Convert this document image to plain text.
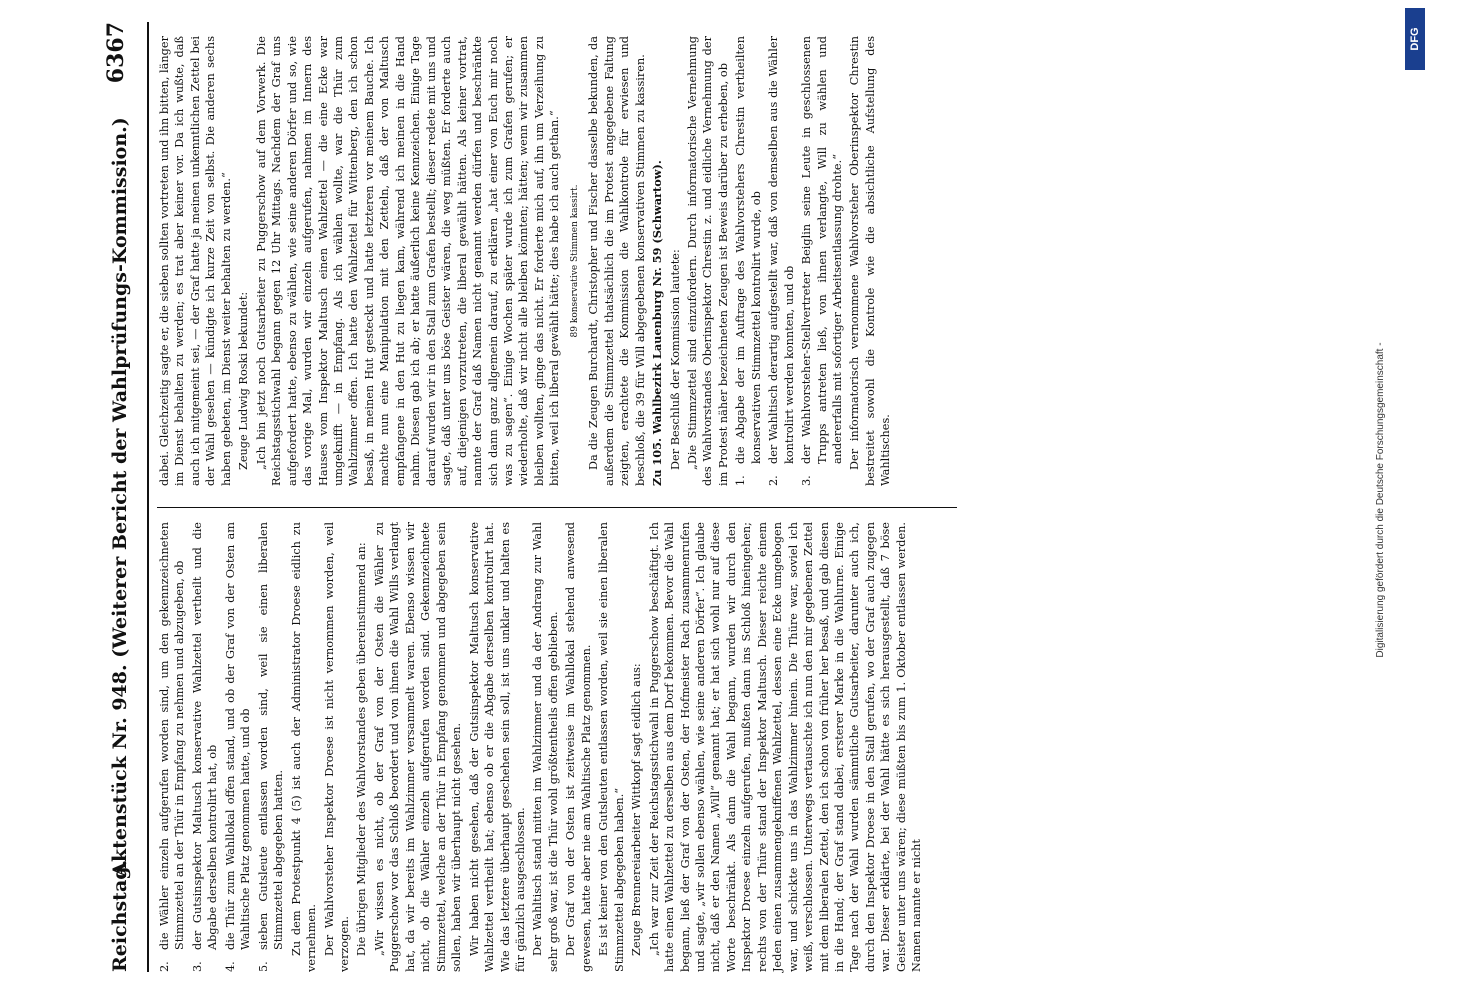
Reichstag.
Aktenstück Nr. 948. (Weiterer Bericht der Wahlprüfungs-Kommission.)
6367

2.
die Wähler einzeln aufgerufen worden sind, um den gekennzeichneten Stimmzettel an der Thür in Empfang zu nehmen und abzugeben, ob

3.
der Gutsinspektor Maltusch konservative Wahlzettel vertheilt und die Abgabe derselben kontrolirt hat, ob

4.
die Thür zum Wahllokal offen stand, und ob der Graf von der Osten am Wahltische Platz genommen hatte, und ob

5.
sieben Gutsleute entlassen worden sind, weil sie einen liberalen Stimmzettel abgegeben hatten. Zu dem Protestpunkt 4 (5) ist auch der Administrator Droese eidlich zu vernehmen. Der Wahlvorsteher Inspektor Droese ist nicht vernommen worden, weil verzogen. Die übrigen Mitglieder des Wahlvorstandes geben übereinstimmend an: „Wir wissen es nicht, ob der Graf von der Osten die Wähler zu Puggerschow vor das Schloß beordert und von ihnen die Wahl Wills verlangt hat, da wir bereits im Wahlzimmer versammelt waren. Ebenso wissen wir nicht, ob die Wähler einzeln aufgerufen worden sind. Gekennzeichnete Stimmzettel, welche an der Thür in Empfang genommen und abgegeben sein sollen, haben wir überhaupt nicht gesehen. Wir haben nicht gesehen, daß der Gutsinspektor Maltusch konservative Wahlzettel vertheilt hat; ebenso ob er die Abgabe derselben kontrolirt hat. Wie das letztere überhaupt geschehen sein soll, ist uns unklar und halten es für gänzlich ausgeschlossen. Der Wahltisch stand mitten im Wahlzimmer und da der Andrang zur Wahl sehr groß war, ist die Thür wohl größtentheils offen geblieben. Der Graf von der Osten ist zeitweise im Wahllokal stehend anwesend gewesen, hatte aber nie am Wahltische Platz genommen. Es ist keiner von den Gutsleuten entlassen worden, weil sie einen liberalen Stimmzettel abgegeben haben.“ Zeuge Brennereiarbeiter Wittkopf sagt eidlich aus: „Ich war zur Zeit der Reichstagsstichwahl in Puggerschow beschäftigt. Ich hatte einen Wahlzettel zu derselben aus dem Dorf bekommen. Bevor die Wahl begann, ließ der Graf von der Osten, der Hofmeister Rach zusammenrufen und sagte, „wir sollen ebenso wählen, wie seine anderen Dörfer“. Ich glaube nicht, daß er den Namen „Will“ genannt hat; er hat sich wohl nur auf diese Worte beschränkt. Als dann die Wahl begann, wurden wir durch den Inspektor Droese einzeln aufgerufen, mußten dann ins Schloß hineingehen; rechts von der Thüre stand der Inspektor Maltusch. Dieser reichte einem Jeden einen zusammengekniffenen Wahlzettel, dessen eine Ecke umgebogen war, und schickte uns in das Wahlzimmer hinein. Die Thüre war, soviel ich weiß, verschlossen. Unterwegs vertauschte ich nun den mir gegebenen Zettel mit dem liberalen Zettel, den ich schon von früher her besaß, und gab diesen in die Hand; der Graf stand dabei, ersterer Marke in die Wahlurne. Einige Tage nach der Wahl wurden sämmtliche Gutsarbeiter, darunter auch ich, durch den Inspektor Droese in den Stall gerufen, wo der Graf auch zugegen war. Dieser erklärte, bei der Wahl hätte es sich herausgestellt, daß 7 böse Geister unter uns wären; diese müßten bis zum 1. Oktober entlassen werden. Namen nannte er nicht

dabei. Gleichzeitig sagte er, die sieben sollten vortreten und ihn bitten, länger im Dienst behalten zu werden; es trat aber keiner vor. Da ich wußte, daß auch ich mitgemeint sei, — der Graf hatte ja meinen unkenntlichen Zettel bei der Wahl gesehen — kündigte ich kurze Zeit von selbst. Die anderen sechs haben gebeten, im Dienst weiter behalten zu werden.“ Zeuge Ludwig Roski bekundet: „Ich bin jetzt noch Gutsarbeiter zu Puggerschow auf dem Vorwerk. Die Reichstagsstichwahl begann gegen 12 Uhr Mittags. Nachdem der Graf uns aufgefordert hatte, ebenso zu wählen, wie seine anderen Dörfer und so, wie das vorige Mal, wurden wir einzeln aufgerufen, nahmen im Innern des Hauses vom Inspektor Maltusch einen Wahlzettel — die eine Ecke war umgeknifft — in Empfang. Als ich wählen wollte, war die Thür zum Wahlzimmer offen. Ich hatte den Wahlzettel für Wittenberg, den ich schon besaß, in meinen Hut gesteckt und hatte letzteren vor meinem Bauche. Ich machte nun eine Manipulation mit den Zetteln, daß der von Maltusch empfangene in den Hut zu liegen kam, während ich meinen in die Hand nahm. Diesen gab ich ab; er hatte äußerlich keine Kennzeichen. Einige Tage darauf wurden wir in den Stall zum Grafen bestellt; dieser redete mit uns und sagte, daß unter uns böse Geister wären, die weg müßten. Er forderte auch auf, diejenigen vorzutreten, die liberal gewählt hätten. Als keiner vortrat, nannte der Graf daß Namen nicht genannt werden dürfen und beschränkte sich dann ganz allgemein darauf, zu erklären „hat einer von Euch mir noch was zu sagen“. Einige Wochen später wurde ich zum Grafen gerufen; er wiederholte, daß wir nicht alle bleiben könnten; hätten; wenn wir zusammen bleiben wollten, ginge das nicht. Er forderte mich auf, ihn um Verzeihung zu bitten, weil ich liberal gewählt hätte; dies habe ich auch gethan.“ 89 konservative Stimmen kassirt. Da die Zeugen Burchardt, Christopher und Fischer dasselbe bekunden, da außerdem die Stimmzettel thatsächlich die im Protest angegebene Faltung zeigten, erachtete die Kommission die Wahlkontrole für erwiesen und beschloß, die 39 für Will abgegebenen konservativen Stimmen zu kassiren. Zu 105. Wahlbezirk Lauenburg Nr. 59 (Schwartow). Der Beschluß der Kommission lautete: „Die Stimmzettel sind einzufordern. Durch informatorische Vernehmung des Wahlvorstandes Oberinspektor Chrestin z. und eidliche Vernehmung der im Protest näher bezeichneten Zeugen ist Beweis darüber zu erheben, ob 1.
die Abgabe der im Auftrage des Wahlvorstehers Chrestin vertheilten konservativen Stimmzettel kontrolirt wurde, ob

2.
der Wahltisch derartig aufgestellt war, daß von demselben aus die Wähler kontrolirt werden konnten, und ob

3.
der Wahlvorsteher-Stellvertreter Beiglin seine Leute in geschlossenen Trupps antreten ließ, von ihnen verlangte, Will zu wählen und andererfalls mit sofortiger Arbeitsentlassung drohte.“ Der informatorisch vernommene Wahlvorsteher Oberinspektor Chrestin bestreitet sowohl die Kontrole wie die absichtliche Aufstellung des Wahltisches.	Digitalisierung gefördert durch die Deutsche Forschungsgemeinschaft -
DFG
